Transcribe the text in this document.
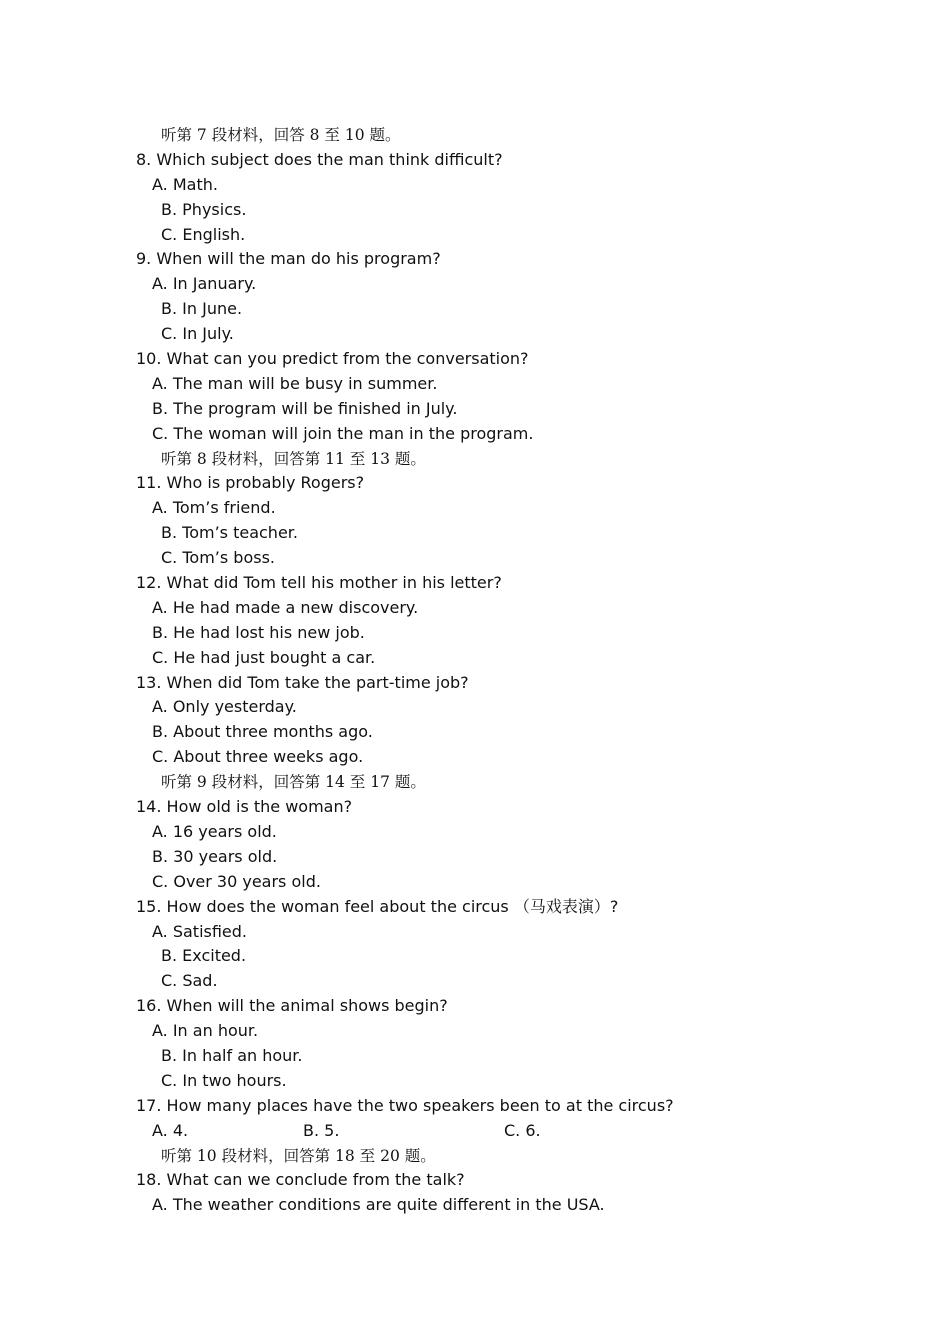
听第 7 段材料，回答 8 至 10 题。
8. Which subject does the man think difficult?
A. Math.
B. Physics.
C. English.
9. When will the man do his program?
A. In January.
B. In June.
C. In July.
10. What can you predict from the conversation?
A. The man will be busy in summer.
B. The program will be finished in July.
C. The woman will join the man in the program.
听第 8 段材料，回答第 11 至 13 题。
11. Who is probably Rogers?
A. Tom’s friend.
B. Tom’s teacher.
C. Tom’s boss.
12. What did Tom tell his mother in his letter?
A. He had made a new discovery.
B. He had lost his new job.
C. He had just bought a car.
13. When did Tom take the part-time job?
A. Only yesterday.
B. About three months ago.
C. About three weeks ago.
听第 9 段材料，回答第 14 至 17 题。
14. How old is the woman?
A. 16 years old.
B. 30 years old.
C. Over 30 years old.
15. How does the woman feel about the circus （马戏表演）?
A. Satisfied.
B. Excited.
C. Sad.
16. When will the animal shows begin?
A. In an hour.
B. In half an hour.
C. In two hours.
17. How many places have the two speakers been to at the circus?
A. 4.	B. 5.	C. 6.
听第 10 段材料，回答第 18 至 20 题。
18. What can we conclude from the talk?
A. The weather conditions are quite different in the USA.
